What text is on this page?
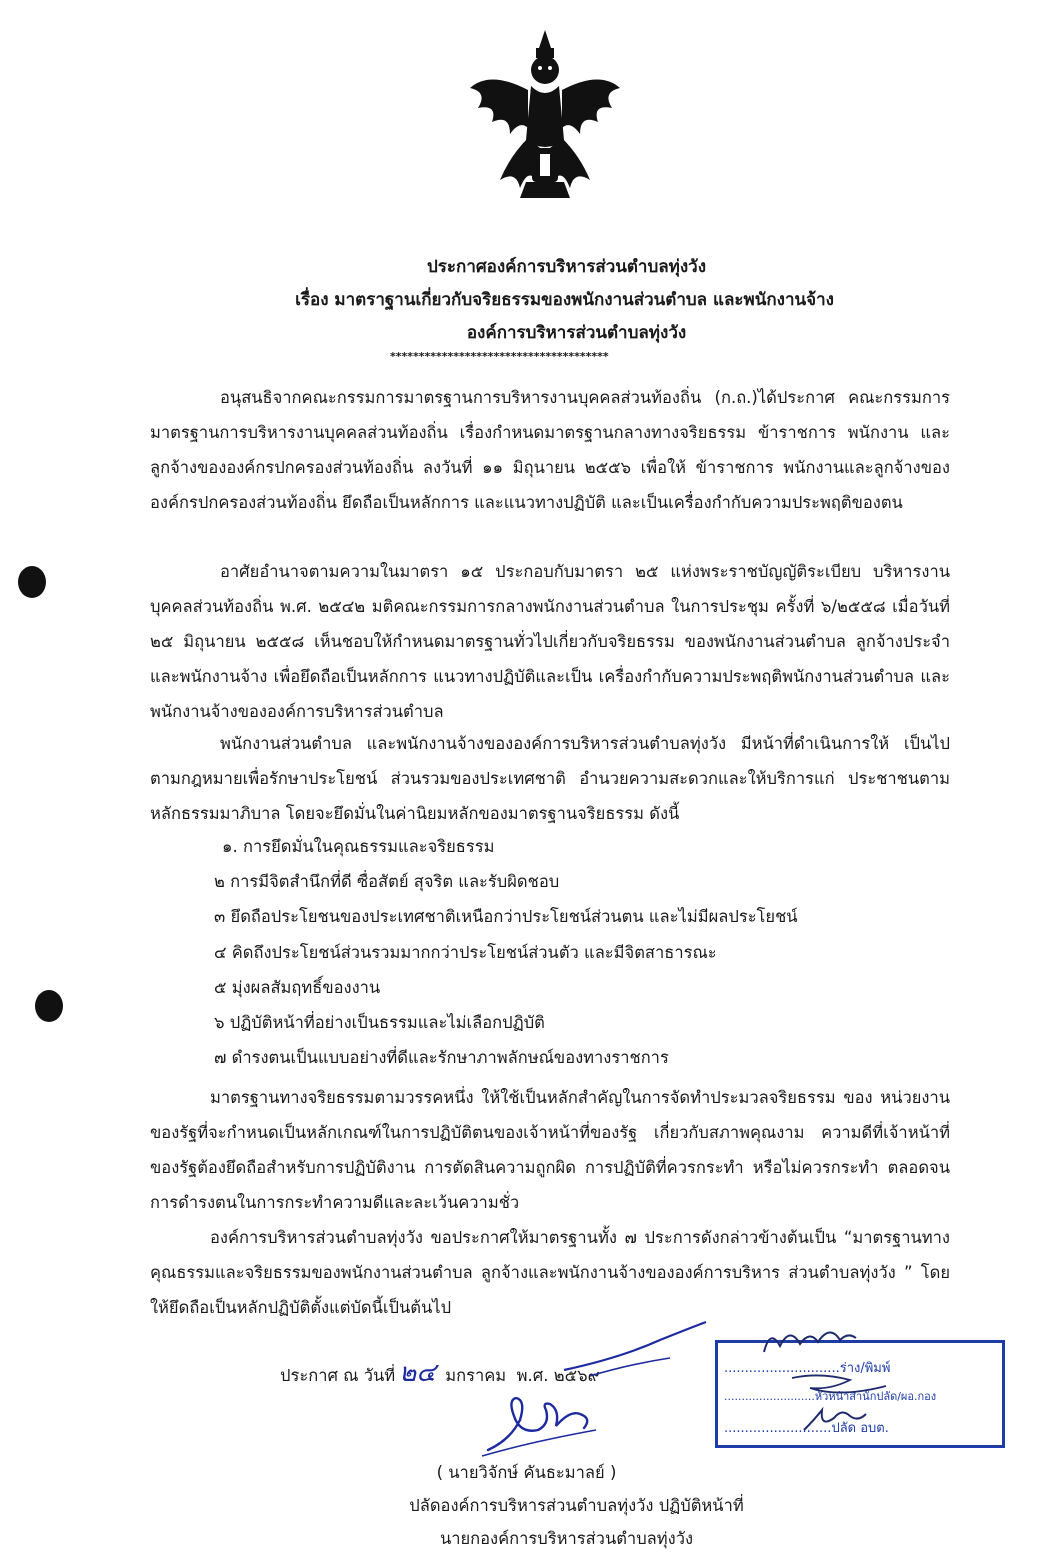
ประกาศองค์การบริหารส่วนตำบลทุ่งวัง
เรื่อง มาตราฐานเกี่ยวกับจริยธรรมของพนักงานส่วนตำบล และพนักงานจ้าง
องค์การบริหารส่วนตำบลทุ่งวัง
**************************************
อนุสนธิจากคณะกรรมการมาตรฐานการบริหารงานบุคคลส่วนท้องถิ่น (ก.ถ.)ได้ประกาศ คณะกรรมการมาตรฐานการบริหารงานบุคคลส่วนท้องถิ่น เรื่องกำหนดมาตรฐานกลางทางจริยธรรม ข้าราชการ พนักงาน และลูกจ้างขององค์กรปกครองส่วนท้องถิ่น ลงวันที่ ๑๑ มิถุนายน ๒๕๕๖ เพื่อให้ ข้าราชการ พนักงานและลูกจ้างขององค์กรปกครองส่วนท้องถิ่น ยึดถือเป็นหลักการ และแนวทางปฏิบัติ และเป็นเครื่องกำกับความประพฤติของตน
อาศัยอำนาจตามความในมาตรา ๑๕ ประกอบกับมาตรา ๒๕ แห่งพระราชบัญญัติระเบียบ บริหารงานบุคคลส่วนท้องถิ่น พ.ศ. ๒๕๔๒ มติคณะกรรมการกลางพนักงานส่วนตำบล ในการประชุม ครั้งที่ ๖/๒๕๕๘ เมื่อวันที่ ๒๕ มิถุนายน ๒๕๕๘ เห็นชอบให้กำหนดมาตรฐานทั่วไปเกี่ยวกับจริยธรรม ของพนักงานส่วนตำบล ลูกจ้างประจำ และพนักงานจ้าง เพื่อยึดถือเป็นหลักการ แนวทางปฏิบัติและเป็น เครื่องกำกับความประพฤติพนักงานส่วนตำบล และพนักงานจ้างขององค์การบริหารส่วนตำบล
พนักงานส่วนตำบล และพนักงานจ้างขององค์การบริหารส่วนตำบลทุ่งวัง มีหน้าที่ดำเนินการให้ เป็นไปตามกฎหมายเพื่อรักษาประโยชน์ ส่วนรวมของประเทศชาติ อำนวยความสะดวกและให้บริการแก่ ประชาชนตามหลักธรรมมาภิบาล โดยจะยึดมั่นในค่านิยมหลักของมาตรฐานจริยธรรม ดังนี้
๑. การยึดมั่นในคุณธรรมและจริยธรรม
๒ การมีจิตสำนึกที่ดี ซื่อสัตย์ สุจริต และรับผิดชอบ
๓ ยึดถือประโยชนของประเทศชาติเหนือกว่าประโยชน์ส่วนตน และไม่มีผลประโยชน์
๔ คิดถึงประโยชน์ส่วนรวมมากกว่าประโยชน์ส่วนตัว และมีจิตสาธารณะ
๕ มุ่งผลสัมฤทธิ์ของงาน
๖ ปฏิบัติหน้าที่อย่างเป็นธรรมและไม่เลือกปฏิบัติ
๗ ดำรงตนเป็นแบบอย่างที่ดีและรักษาภาพลักษณ์ของทางราชการ
มาตรฐานทางจริยธรรมตามวรรคหนึ่ง ให้ใช้เป็นหลักสำคัญในการจัดทำประมวลจริยธรรม ของ หน่วยงานของรัฐที่จะกำหนดเป็นหลักเกณฑ์ในการปฏิบัติตนของเจ้าหน้าที่ของรัฐ เกี่ยวกับสภาพคุณงาม ความดีที่เจ้าหน้าที่ของรัฐต้องยึดถือสำหรับการปฏิบัติงาน การตัดสินความถูกผิด การปฏิบัติที่ควรกระทำ หรือไม่ควรกระทำ ตลอดจนการดำรงตนในการกระทำความดีและละเว้นความชั่ว
องค์การบริหารส่วนตำบลทุ่งวัง ขอประกาศให้มาตรฐานทั้ง ๗ ประการดังกล่าวข้างต้นเป็น “มาตรฐานทางคุณธรรมและจริยธรรมของพนักงานส่วนตำบล ลูกจ้างและพนักงานจ้างขององค์การบริหาร ส่วนตำบลทุ่งวัง ” โดยให้ยึดถือเป็นหลักปฏิบัติตั้งแต่บัดนี้เป็นต้นไป
ประกาศ ณ วันที่ ๒๔ มกราคม พ.ศ. ๒๕๖๙
( นายวิจักษ์ คันธะมาลย์ )
ปลัดองค์การบริหารส่วนตำบลทุ่งวัง ปฏิบัติหน้าที่
นายกองค์การบริหารส่วนตำบลทุ่งวัง
............................ร่าง/พิมพ์
..........................หัวหน้าสำนักปลัด/ผอ.กอง
..........................ปลัด อบต.
